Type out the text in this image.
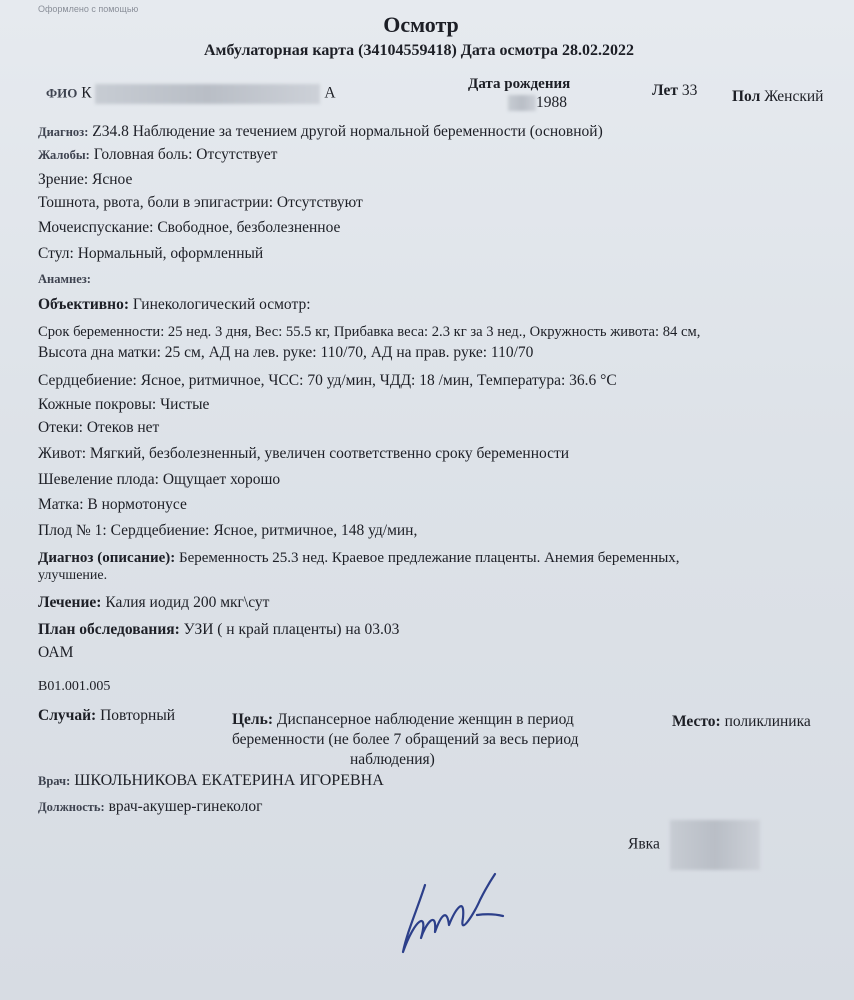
Оформлено с помощью
Осмотр
Амбулаторная карта (34104559418) Дата осмотра 28.02.2022
ФИО К	А
Дата рождения
1988
Лет 33 Пол Женский
Диагноз: Z34.8 Наблюдение за течением другой нормальной беременности (основной)
Жалобы: Головная боль: Отсутствует
Зрение: Ясное
Тошнота, рвота, боли в эпигастрии: Отсутствуют
Мочеиспускание: Свободное, безболезненное
Стул: Нормальный, оформленный
Анамнез:
Объективно: Гинекологический осмотр:
Срок беременности: 25 нед. 3 дня, Вес: 55.5 кг, Прибавка веса: 2.3 кг за 3 нед., Окружность живота: 84 см,
Высота дна матки: 25 см, АД на лев. руке: 110/70, АД на прав. руке: 110/70
Сердцебиение: Ясное, ритмичное, ЧСС: 70 уд/мин, ЧДД: 18 /мин, Температура: 36.6 °С
Кожные покровы: Чистые
Отеки: Отеков нет
Живот: Мягкий, безболезненный, увеличен соответственно сроку беременности
Шевеление плода: Ощущает хорошо
Матка: В нормотонусе
Плод № 1: Сердцебиение: Ясное, ритмичное, 148 уд/мин,
Диагноз (описание): Беременность 25.3 нед. Краевое предлежание плаценты. Анемия беременных,
улучшение.
Лечение: Калия иодид 200 мкг\сут
План обследования: УЗИ ( н край плаценты) на 03.03
ОАМ
B01.001.005
Случай: Повторный	Цель: Диспансерное наблюдение женщин в период
беременности (не более 7 обращений за весь период
наблюдения)
Место: поликлиника
Врач: ШКОЛЬНИКОВА ЕКАТЕРИНА ИГОРЕВНА
Должность: врач-акушер-гинеколог
Явка
